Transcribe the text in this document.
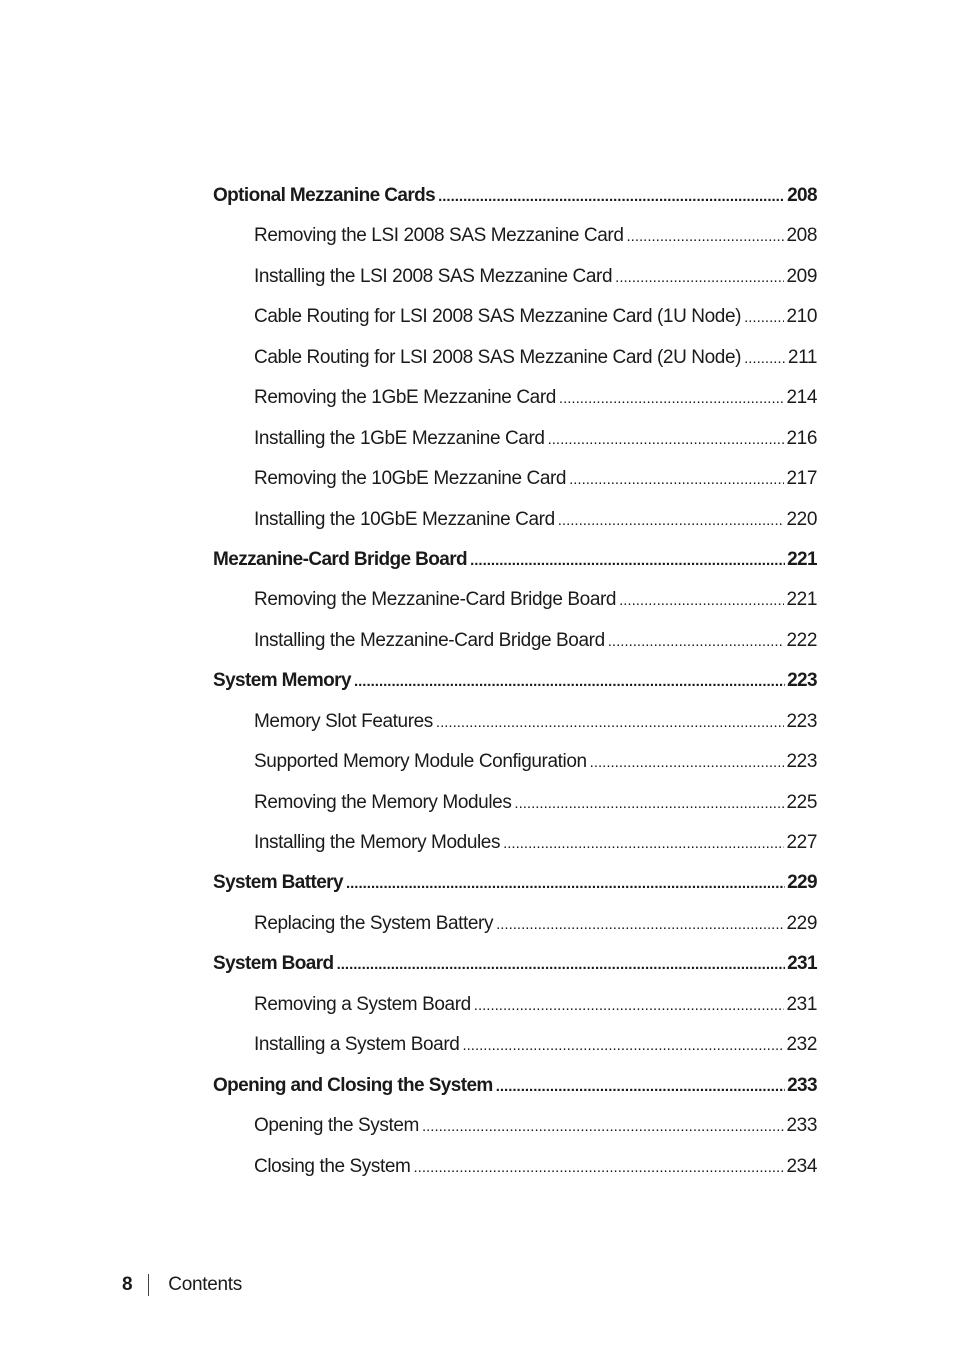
Optional Mezzanine Cards .....	208
Removing the LSI 2008 SAS Mezzanine Card .....	208
Installing the LSI 2008 SAS Mezzanine Card .....	209
Cable Routing for LSI 2008 SAS Mezzanine Card (1U Node) ..... 210
Cable Routing for LSI 2008 SAS Mezzanine Card (2U Node) ..... 211
Removing the 1GbE Mezzanine Card .....	214
Installing the 1GbE Mezzanine Card .....	216
Removing the 10GbE Mezzanine Card .....	217
Installing the 10GbE Mezzanine Card .....	220
Mezzanine-Card Bridge Board .....	221
Removing the Mezzanine-Card Bridge Board .....	221
Installing the Mezzanine-Card Bridge Board .....	222
System Memory .....	223
Memory Slot Features .....	223
Supported Memory Module Configuration .....	223
Removing the Memory Modules .....	225
Installing the Memory Modules .....	227
System Battery .....	229
Replacing the System Battery .....	229
System Board .....	231
Removing a System Board .....	231
Installing a System Board .....	232
Opening and Closing the System .....	233
Opening the System .....	233
Closing the System .....	234
8 Contents
